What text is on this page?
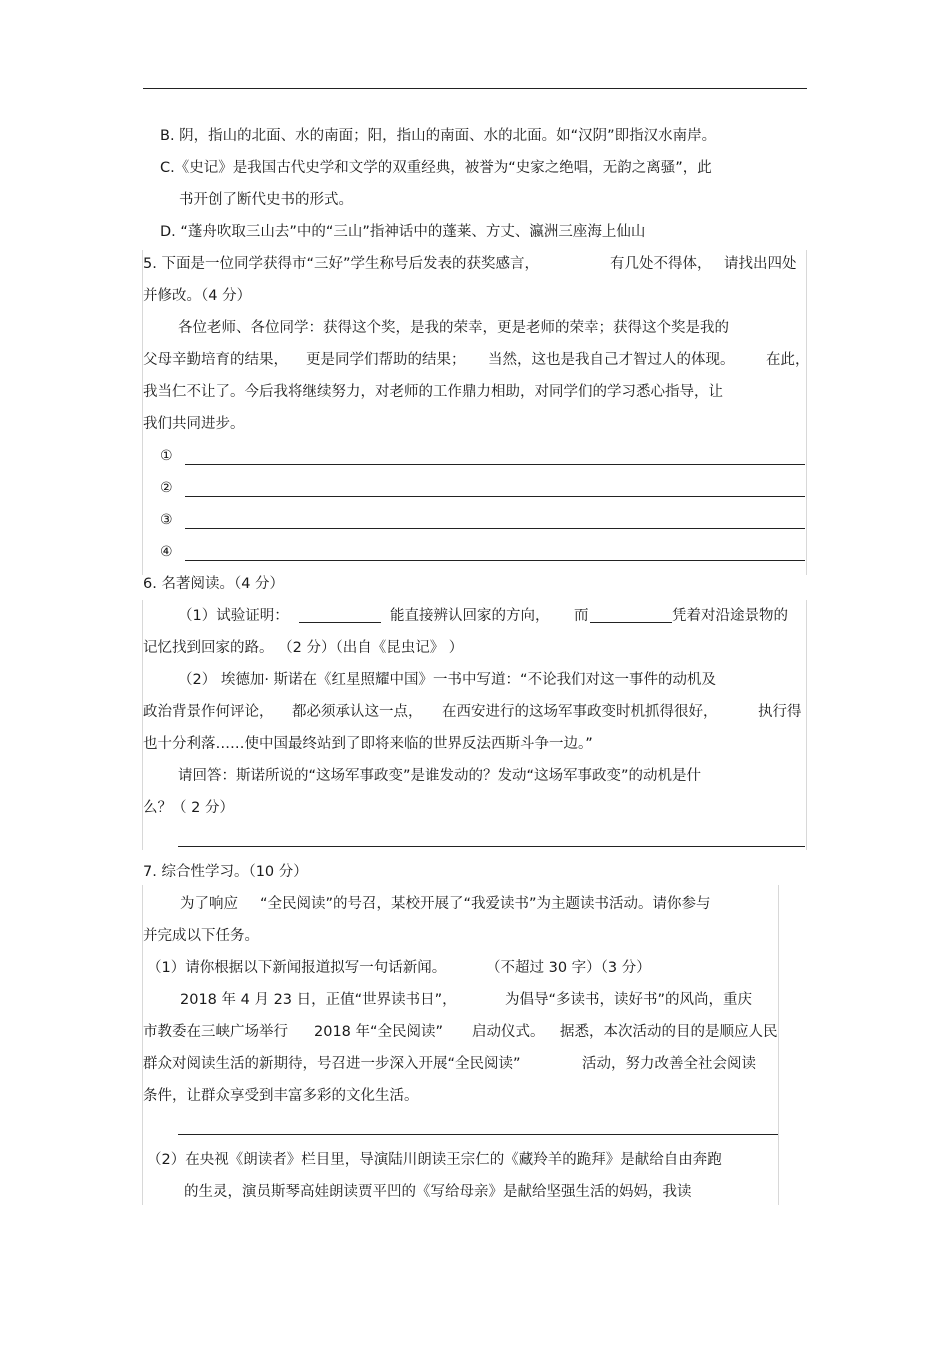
B. 阴，指山的北面、水的南面；阳，指山的南面、水的北面。如“汉阴”即指汉水南岸。
C.《史记》是我国古代史学和文学的双重经典，被誉为“史家之绝唱，无韵之离骚”，此
书开创了断代史书的形式。
D. “蓬舟吹取三山去”中的“三山”指神话中的蓬莱、方丈、瀛洲三座海上仙山
5. 下面是一位同学获得市“三好”学生称号后发表的获奖感言，	有几处不得体， 请找出四处
并修改。（4 分）
各位老师、各位同学：获得这个奖，是我的荣幸，更是老师的荣幸；获得这个奖是我的
父母辛勤培育的结果， 更是同学们帮助的结果； 当然，这也是我自己才智过人的体现。 在此，
我当仁不让了。今后我将继续努力，对老师的工作鼎力相助，对同学们的学习悉心指导，让
我们共同进步。
①
②
③
④
6. 名著阅读。（4 分）
（1）试验证明：	能直接辨认回家的方向， 而	凭着对沿途景物的
记忆找到回家的路。 （2 分）（出自《昆虫记》 ）
（2） 埃德加· 斯诺在《红星照耀中国》一书中写道：“不论我们对这一事件的动机及
政治背景作何评论， 都必须承认这一点， 在西安进行的这场军事政变时机抓得很好，	执行得
也十分利落……使中国最终站到了即将来临的世界反法西斯斗争一边。”
请回答：斯诺所说的“这场军事政变”是谁发动的？发动“这场军事政变”的动机是什
么？（ 2 分）
7. 综合性学习。（10 分）
为了响应 “全民阅读”的号召，某校开展了“我爱读书”为主题读书活动。请你参与
并完成以下任务。
（1）请你根据以下新闻报道拟写一句话新闻。	（不超过 30 字）（3 分）
2018 年 4 月 23 日，正值“世界读书日”，	为倡导“多读书，读好书”的风尚，重庆
市教委在三峡广场举行 2018 年“全民阅读” 启动仪式。 据悉，本次活动的目的是顺应人民
群众对阅读生活的新期待，号召进一步深入开展“全民阅读”	活动，努力改善全社会阅读
条件，让群众享受到丰富多彩的文化生活。
（2）在央视《朗读者》栏目里，导演陆川朗读王宗仁的《藏羚羊的跪拜》是献给自由奔跑
的生灵，演员斯琴高娃朗读贾平凹的《写给母亲》是献给坚强生活的妈妈，我读
